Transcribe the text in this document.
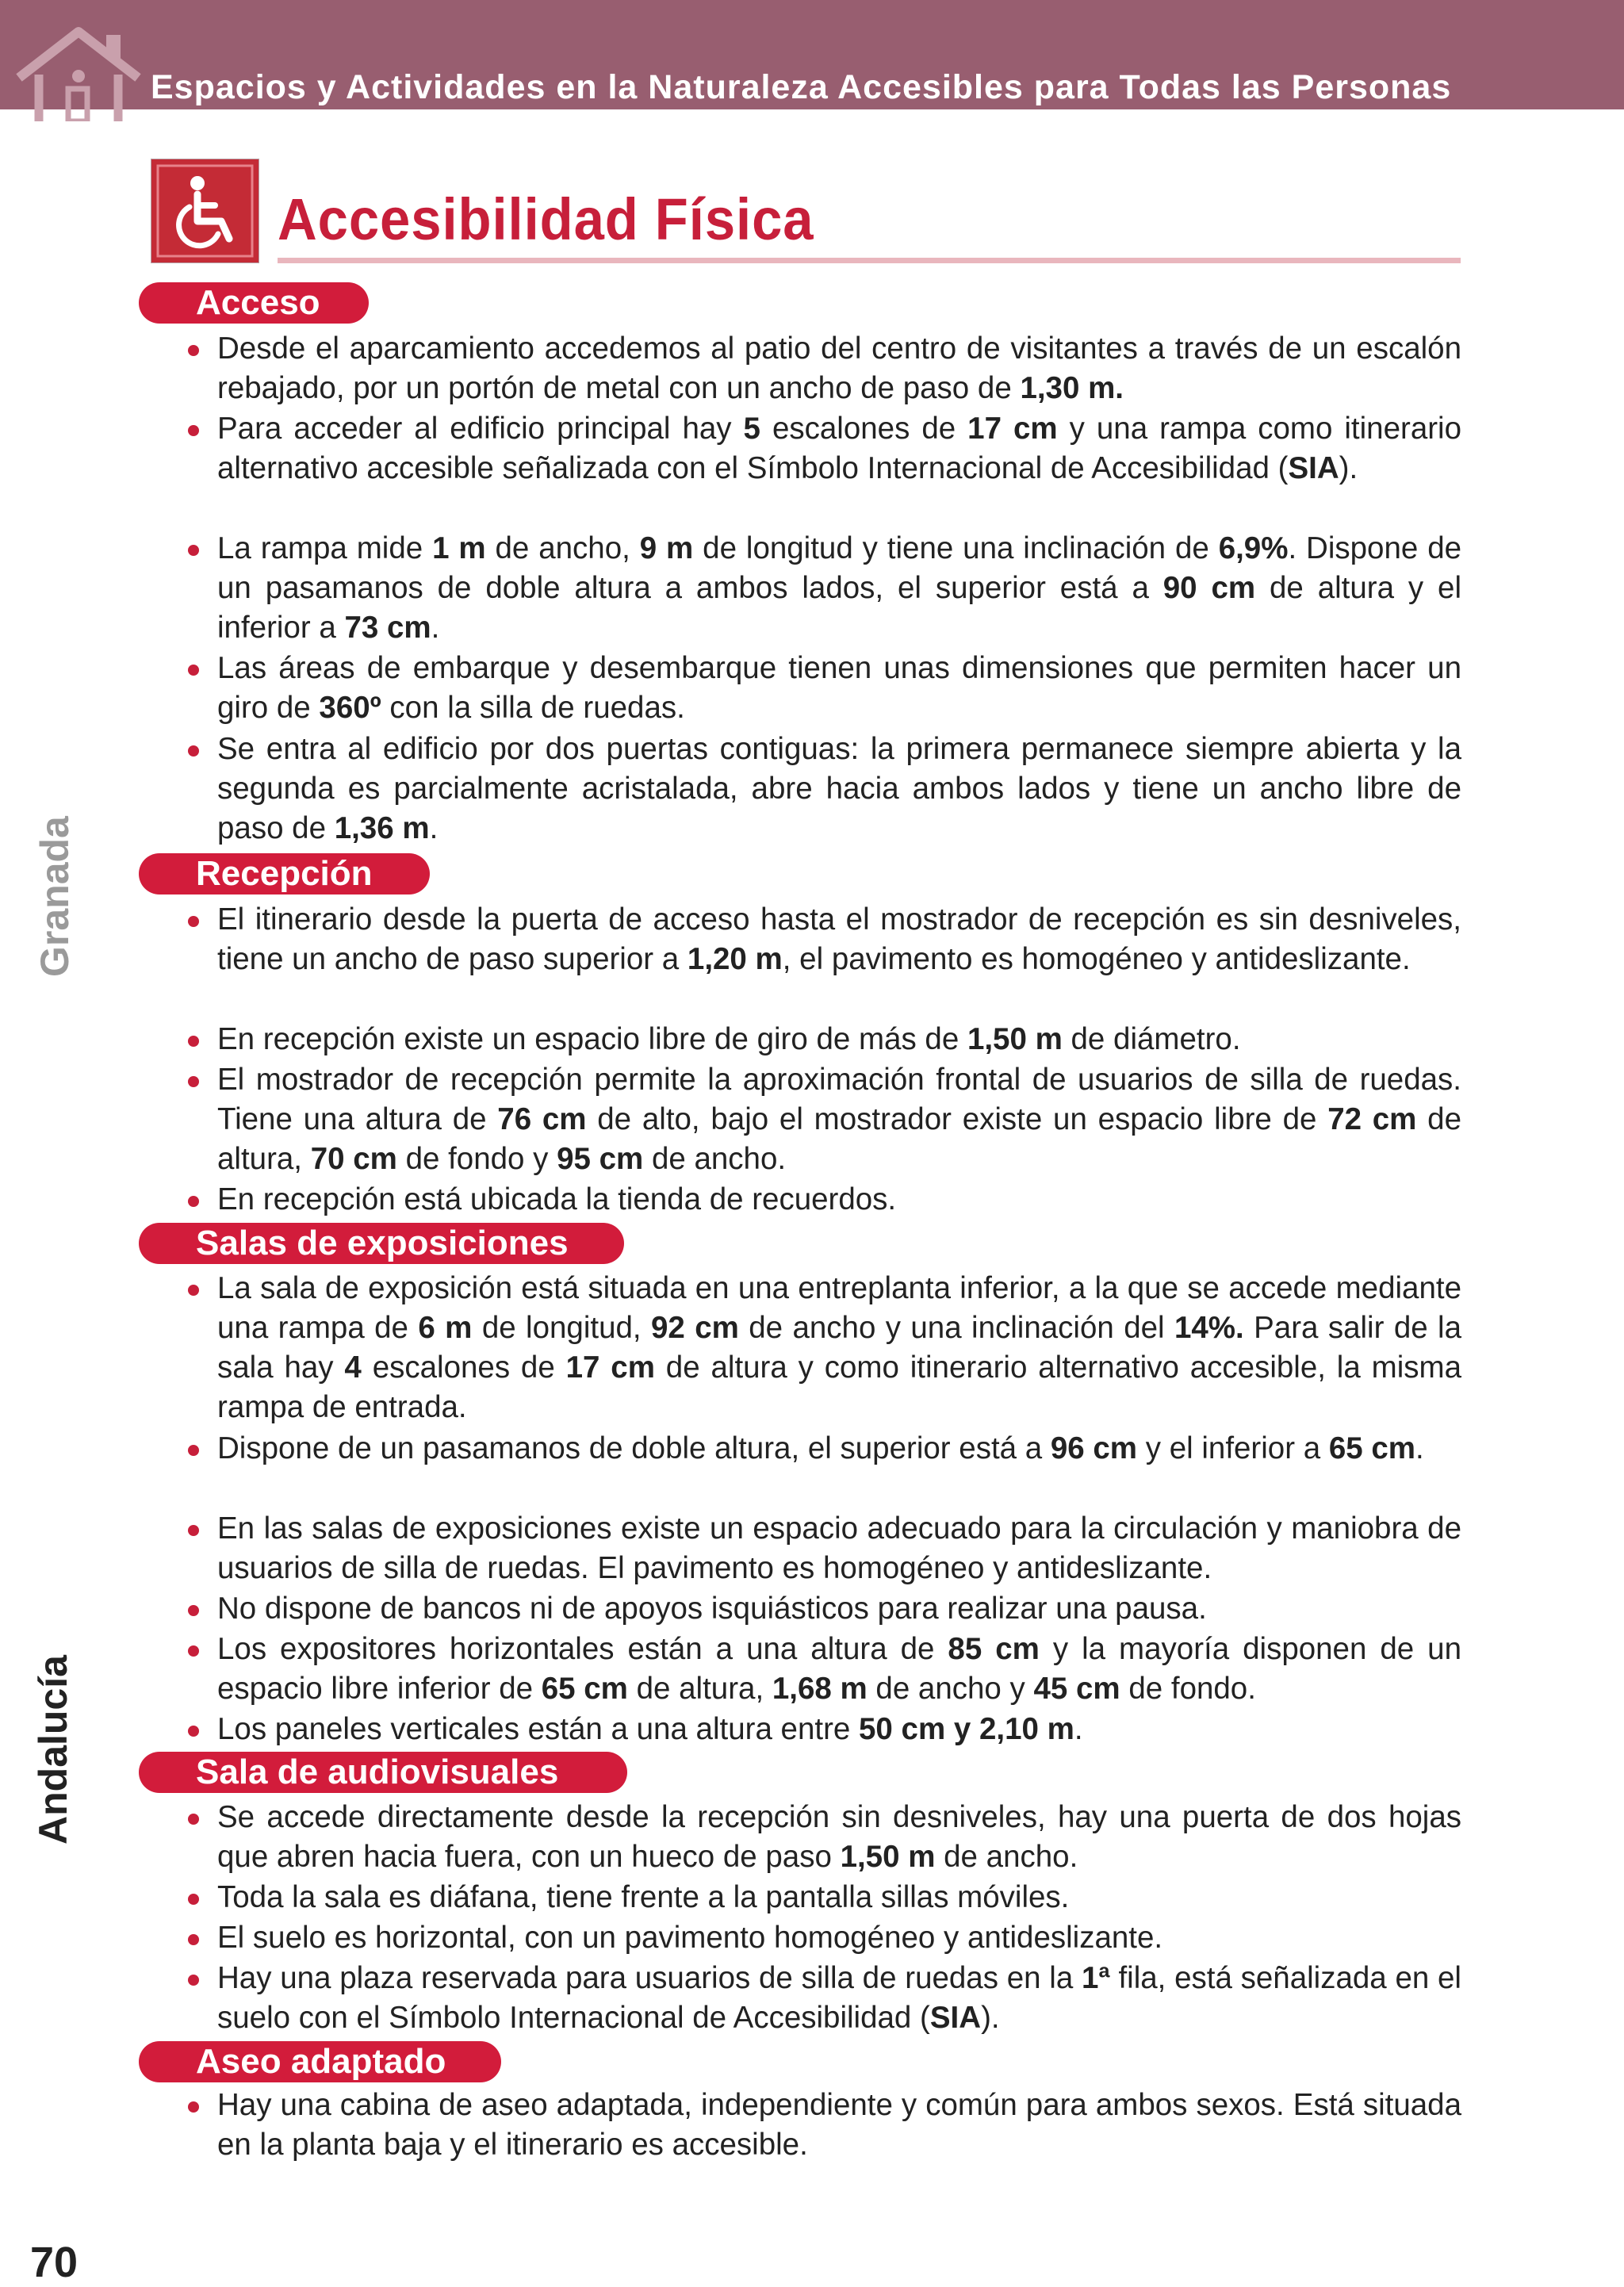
Espacios y Actividades en la Naturaleza Accesibles para Todas las Personas
Accesibilidad Física
Acceso
Recepción
Salas de exposiciones
Sala de audiovisuales
Aseo adaptado

Desde el aparcamiento accedemos al patio del centro de visitantes a través de un escalón rebajado, por un portón de metal con un ancho de paso de 1,30 m.

Para acceder al edificio principal hay 5 escalones de 17 cm y una rampa como itinerario alternativo accesible señalizada con el Símbolo Internacional de Accesibilidad (SIA).

La rampa mide 1 m de ancho, 9 m de longitud y tiene una inclinación de 6,9%. Dispone de un pasamanos de doble altura a ambos lados, el superior está a 90 cm de altura y el inferior a 73 cm.

Las áreas de embarque y desembarque tienen unas dimensiones que permiten hacer un giro de 360º con la silla de ruedas.

Se entra al edificio por dos puertas contiguas: la primera permanece siempre abierta y la segunda es parcialmente acristalada, abre hacia ambos lados y tiene un ancho libre de paso de 1,36 m.

El itinerario desde la puerta de acceso hasta el mostrador de recepción es sin desniveles, tiene un ancho de paso superior a 1,20 m, el pavimento es homogéneo y antideslizante.

En recepción existe un espacio libre de giro de más de 1,50 m de diámetro.

El mostrador de recepción permite la aproximación frontal de usuarios de silla de ruedas. Tiene una altura de 76 cm de alto, bajo el mostrador existe un espacio libre de 72 cm de altura, 70 cm de fondo y 95 cm de ancho.

En recepción está ubicada la tienda de recuerdos.

La sala de exposición está situada en una entreplanta inferior, a la que se accede mediante una rampa de 6 m de longitud, 92 cm de ancho y una inclinación del 14%. Para salir de la sala hay 4 escalones de 17 cm de altura y como itinerario alternativo accesible, la misma rampa de entrada.

Dispone de un pasamanos de doble altura, el superior está a 96 cm y el inferior a 65 cm.

En las salas de exposiciones existe un espacio adecuado para la circulación y maniobra de usuarios de silla de ruedas. El pavimento es homogéneo y antideslizante.

No dispone de bancos ni de apoyos isquiásticos para realizar una pausa.

Los expositores horizontales están a una altura de 85 cm y la mayoría disponen de un espacio libre inferior de 65 cm de altura, 1,68 m de ancho y 45 cm de fondo.

Los paneles verticales están a una altura entre 50 cm y 2,10 m.

Se accede directamente desde la recepción sin desniveles, hay una puerta de dos hojas que abren hacia fuera, con un hueco de paso 1,50 m de ancho.

Toda la sala es diáfana, tiene frente a la pantalla sillas móviles.

El suelo es horizontal, con un pavimento homogéneo y antideslizante.

Hay una plaza reservada para usuarios de silla de ruedas en la 1ª fila, está señalizada en el suelo con el Símbolo Internacional de Accesibilidad (SIA).

Hay una cabina de aseo adaptada, independiente y común para ambos sexos. Está situada en la planta baja y el itinerario es accesible.

Granada
Andalucía
70
